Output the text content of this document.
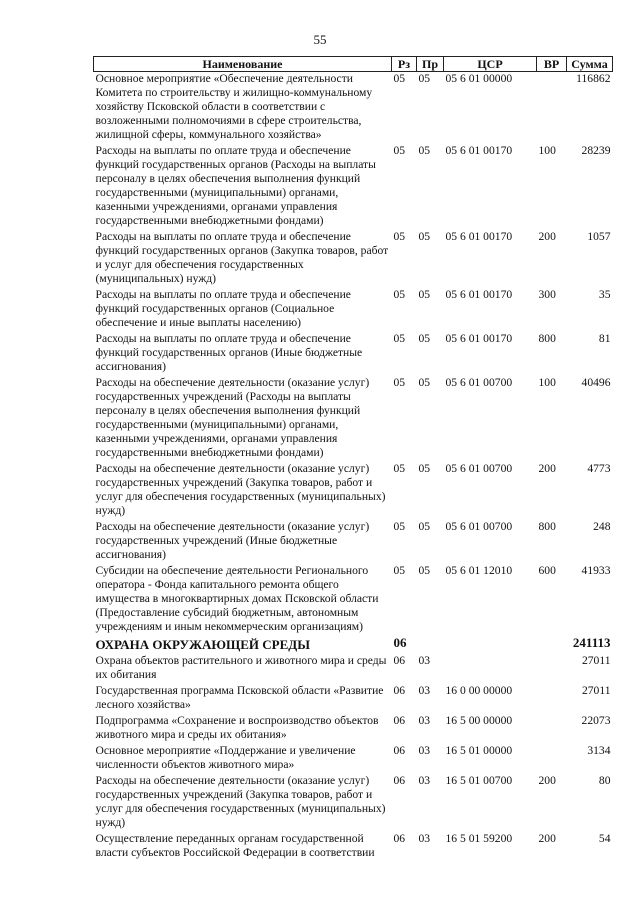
55
Наименование	Рз	Пр	ЦСР	ВР	Сумма
Основное мероприятие «Обеспечение деятельности Комитета по строительству и жилищно-коммунальному хозяйству Псковской области в соответствии с возложенными полномочиями в сфере строительства, жилищной сферы, коммунального хозяйства»	05	05	05 6 01 00000		116862
Расходы на выплаты по оплате труда и обеспечение функций государственных органов (Расходы на выплаты персоналу в целях обеспечения выполнения функций государственными (муниципальными) органами, казенными учреждениями, органами управления государственными внебюджетными фондами)	05	05	05 6 01 00170	100	28239
Расходы на выплаты по оплате труда и обеспечение функций государственных органов (Закупка товаров, работ и услуг для обеспечения государственных (муниципальных) нужд)	05	05	05 6 01 00170	200	1057
Расходы на выплаты по оплате труда и обеспечение функций государственных органов (Социальное обеспечение и иные выплаты населению)	05	05	05 6 01 00170	300	35
Расходы на выплаты по оплате труда и обеспечение функций государственных органов (Иные бюджетные ассигнования)	05	05	05 6 01 00170	800	81
Расходы на обеспечение деятельности (оказание услуг) государственных учреждений (Расходы на выплаты персоналу в целях обеспечения выполнения функций государственными (муниципальными) органами, казенными учреждениями, органами управления государственными внебюджетными фондами)	05	05	05 6 01 00700	100	40496
Расходы на обеспечение деятельности (оказание услуг) государственных учреждений (Закупка товаров, работ и услуг для обеспечения государственных (муниципальных) нужд)	05	05	05 6 01 00700	200	4773
Расходы на обеспечение деятельности (оказание услуг) государственных учреждений (Иные бюджетные ассигнования)	05	05	05 6 01 00700	800	248
Субсидии на обеспечение деятельности Регионального оператора - Фонда капитального ремонта общего имущества в многоквартирных домах Псковской области (Предоставление субсидий бюджетным, автономным учреждениям и иным некоммерческим организациям)	05	05	05 6 01 12010	600	41933
ОХРАНА ОКРУЖАЮЩЕЙ СРЕДЫ	06				241113
Охрана объектов растительного и животного мира и среды их обитания	06	03			27011
Государственная программа Псковской области «Развитие лесного хозяйства»	06	03	16 0 00 00000		27011
Подпрограмма «Сохранение и воспроизводство объектов животного мира и среды их обитания»	06	03	16 5 00 00000		22073
Основное мероприятие «Поддержание и увеличение численности объектов животного мира»	06	03	16 5 01 00000		3134
Расходы на обеспечение деятельности (оказание услуг) государственных учреждений (Закупка товаров, работ и услуг для обеспечения государственных (муниципальных) нужд)	06	03	16 5 01 00700	200	80
Осуществление переданных органам государственной власти субъектов Российской Федерации в соответствии	06	03	16 5 01 59200	200	54
